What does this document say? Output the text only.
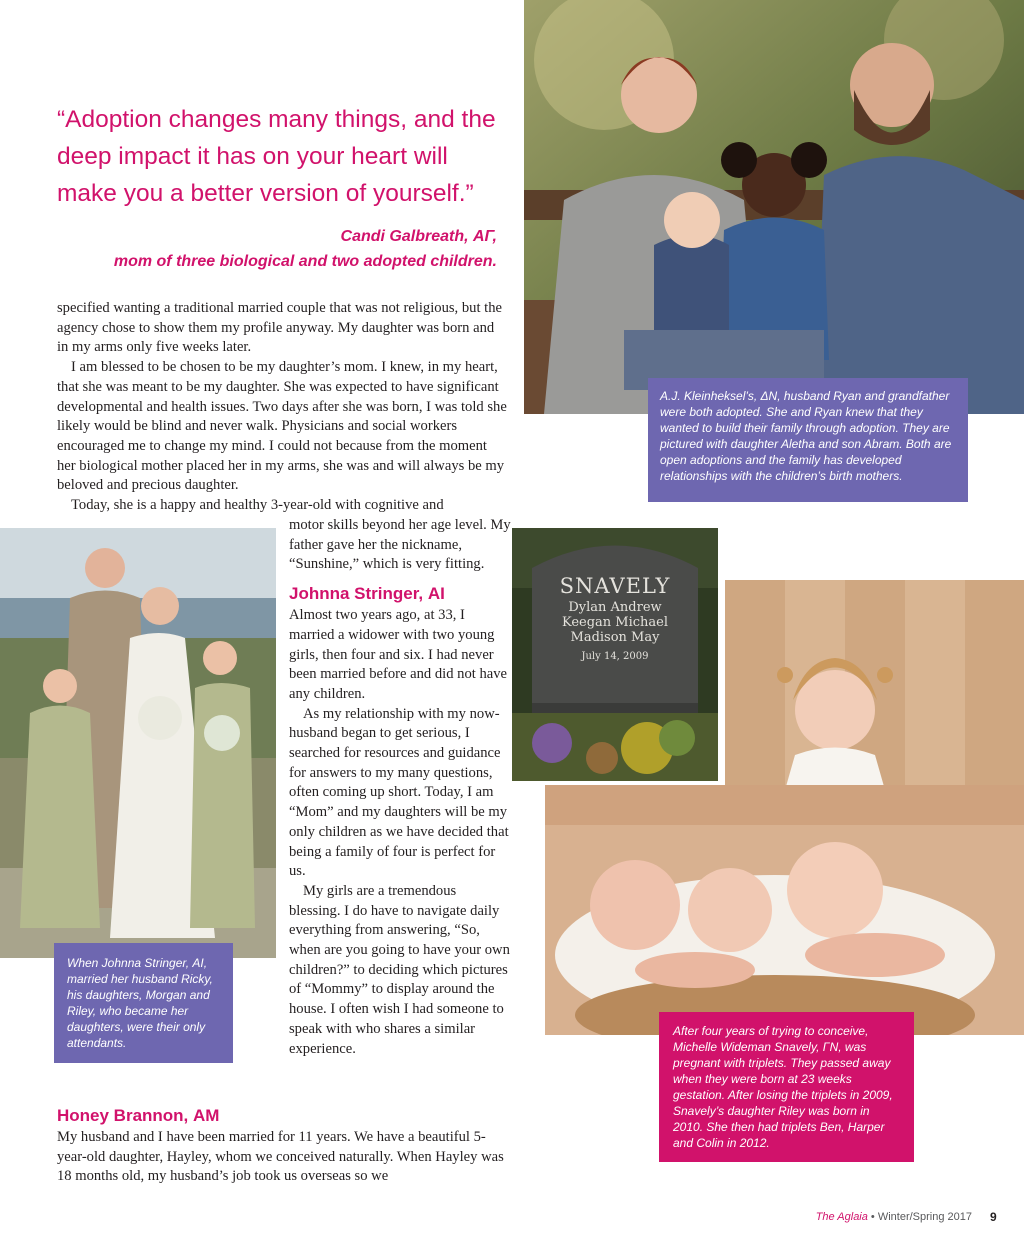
“Adoption changes many things, and the deep impact it has on your heart will make you a better version of yourself.”
Candi Galbreath, ΑΓ,
mom of three biological and two adopted children.
A.J. Kleinheksel’s, ΔΝ, husband Ryan and grandfather were both adopted. She and Ryan knew that they wanted to build their family through adoption. They are pictured with daughter Aletha and son Abram. Both are open adoptions and the family has developed relationships with the children’s birth mothers.

specified wanting a traditional married couple that was not religious, but the agency chose to show them my profile anyway. My daughter was born and in my arms only five weeks later.

I am blessed to be chosen to be my daughter’s mom. I knew, in my heart, that she was meant to be my daughter. She was expected to have significant developmental and health issues. Two days after she was born, I was told she likely would be blind and never walk. Physicians and social workers encouraged me to change my mind. I could not because from the moment her biological mother placed her in my arms, she was and will always be my beloved and precious daughter.

Today, she is a happy and healthy 3-year-old with cognitive and

When Johnna Stringer, ΑΙ, married her husband Ricky, his daughters, Morgan and Riley, who became her daughters, were their only attendants.

motor skills beyond her age level. My father gave her the nickname, “Sunshine,” which is very fitting.

Johnna Stringer, ΑΙ

Almost two years ago, at 33, I married a widower with two young girls, then four and six. I had never been married before and did not have any children.

As my relationship with my now-husband began to get serious, I searched for resources and guidance for answers to my many questions, often coming up short. Today, I am “Mom” and my daughters will be my only children as we have decided that being a family of four is perfect for us.

My girls are a tremendous blessing. I do have to navigate daily everything from answering, “So, when are you going to have your own children?” to deciding which pictures of “Mommy” to display around the house. I often wish I had someone to speak with who shares a similar experience.

Honey Brannon, ΑΜ

My husband and I have been married for 11 years. We have a beautiful 5-year-old daughter, Hayley, whom we conceived naturally. When Hayley was 18 months old, my husband’s job took us overseas so we

SNAVELY
Dylan Andrew
Keegan Michael
Madison May
July 14, 2009
After four years of trying to conceive, Michelle Wideman Snavely, ΓΝ, was pregnant with triplets. They passed away when they were born at 23 weeks gestation. After losing the triplets in 2009, Snavely’s daughter Riley was born in 2010. She then had triplets Ben, Harper and Colin in 2012.
The Aglaia • Winter/Spring 2017 9
